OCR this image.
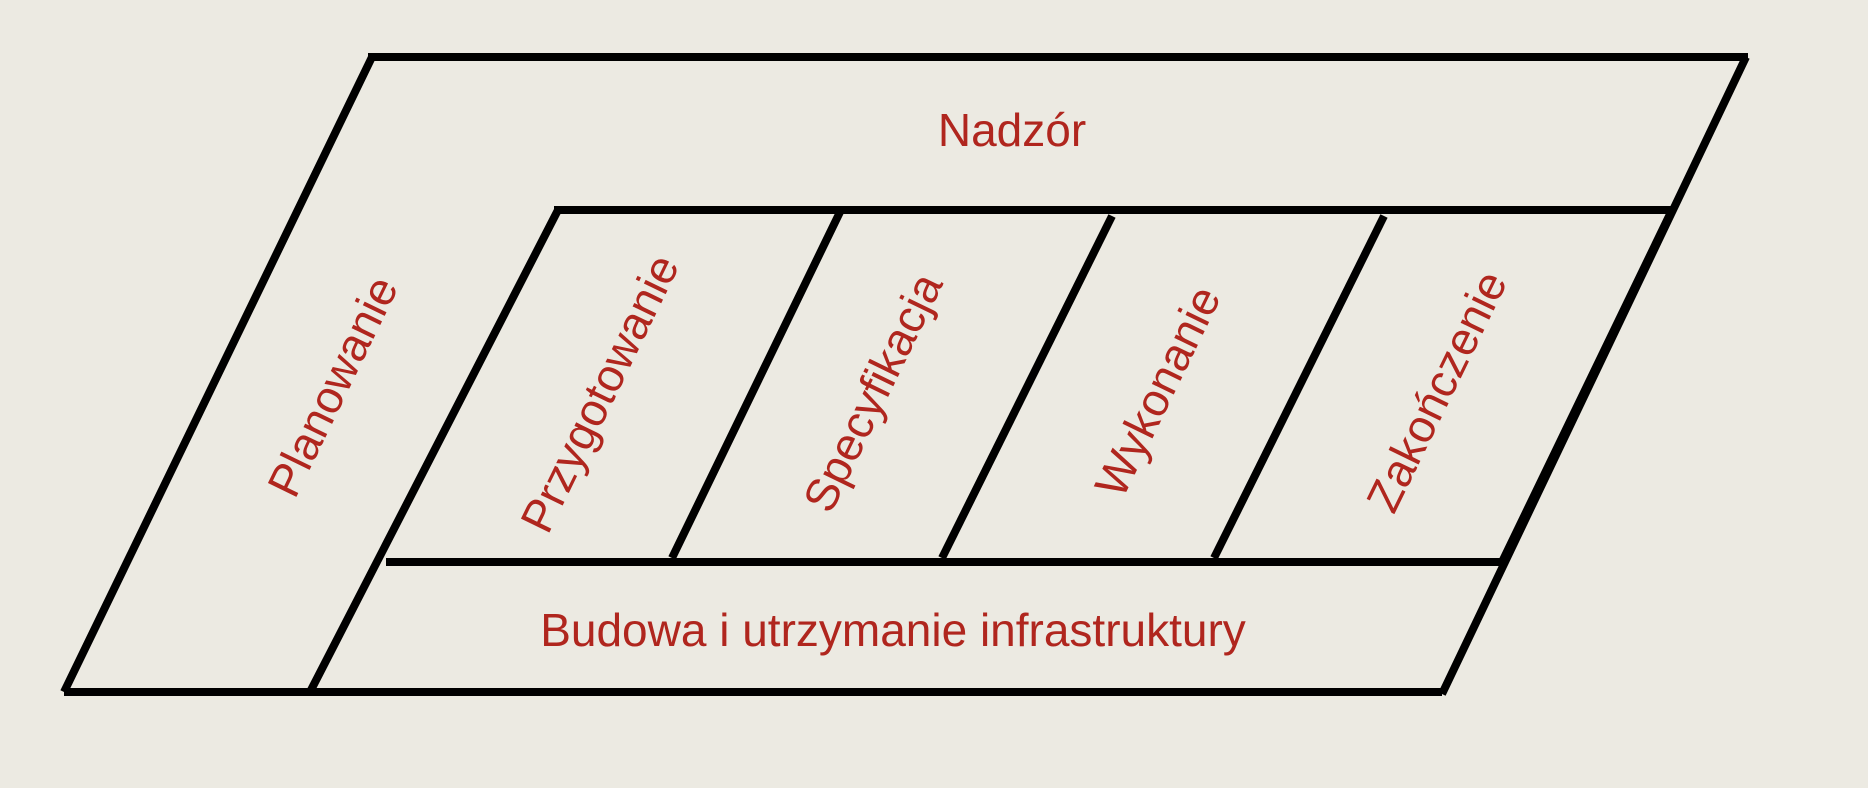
Nadzór
Budowa i utrzymanie infrastruktury
Planowanie Przygotowanie Specyfikacja	Wykonanie	Zakończenie
